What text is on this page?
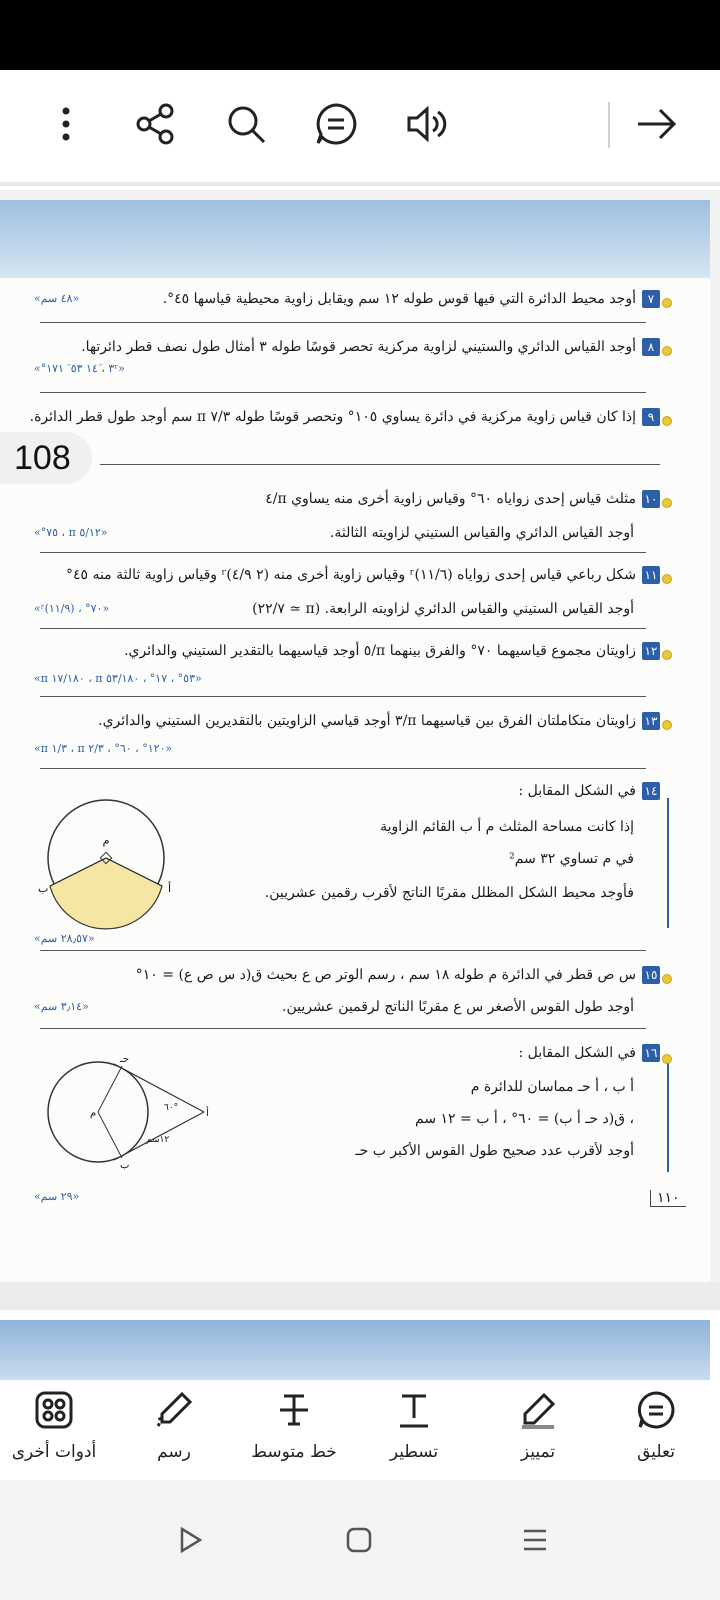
٧أوجد محيط الدائرة التي فيها قوس طوله ١٢ سم ويقابل زاوية محيطية قياسها ٤٥°.
«٤٨ سم»
٨أوجد القياس الدائري والستيني لزاوية مركزية تحصر قوسًا طوله ٣ أمثال طول نصف قطر دائرتها.
«٣ʳ ، ١٤َ ٥٣ َ ١٧١°»
٩إذا كان قياس زاوية مركزية في دائرة يساوي ١٠٥° وتحصر قوسًا طوله ٧/٣ π سم أوجد طول قطر الدائرة.
١٠مثلث قياس إحدى زواياه ٦٠° وقياس زاوية أخرى منه يساوي π/٤
أوجد القياس الدائري والقياس الستيني لزاويته الثالثة.
«٥/١٢ π ، ٧٥°»
١١شكل رباعي قياس إحدى زواياه (١١/٦)ʳ وقياس زاوية أخرى منه (٢ ٤/٩)ʳ وقياس زاوية ثالثة منه ٤٥°
أوجد القياس الستيني والقياس الدائري لزاويته الرابعة. (π ≃ ٢٢/٧)
«٧٠° ، (١١/٩)ʳ»
١٢زاويتان مجموع قياسيهما ٧٠° والفرق بينهما π/٥ أوجد قياسيهما بالتقدير الستيني والدائري.
«٥٣° ، ١٧° ، ٥٣/١٨٠ π ، ١٧/١٨٠ π»
١٣زاويتان متكاملتان الفرق بين قياسيهما π/٣ أوجد قياسي الزاويتين بالتقديرين الستيني والدائري.
«١٢٠° ، ٦٠° ، ٢/٣ π ، ١/٣ π»
١٤في الشكل المقابل :
إذا كانت مساحة المثلث م أ ب القائم الزاوية
في م تساوي ٣٢ سم²
فأوجد محيط الشكل المظلل مقربًا الناتج لأقرب رقمين عشريين.
م
أ
ب
«٢٨٫٥٧ سم»
١٥س ص قطر في الدائرة م طوله ١٨ سم ، رسم الوتر ص ع بحيث ق(د س ص ع) = ١٠°
أوجد طول القوس الأصغر س ع مقربًا الناتج لرقمين عشريين.
«٣٫١٤ سم»
١٦في الشكل المقابل :
أ ب ، أ حـ مماسان للدائرة م
، ق(د حـ أ ب) = ٦٠° ، أ ب = ١٢ سم
أوجد لأقرب عدد صحيح طول القوس الأكبر ب حـ
م	أ
ب
حـ
٦٠°
١٢سم
«٢٩ سم»
108
١١٠
تعليق
تمييز
تسطير
خط متوسط
رسم
أدوات أخرى
